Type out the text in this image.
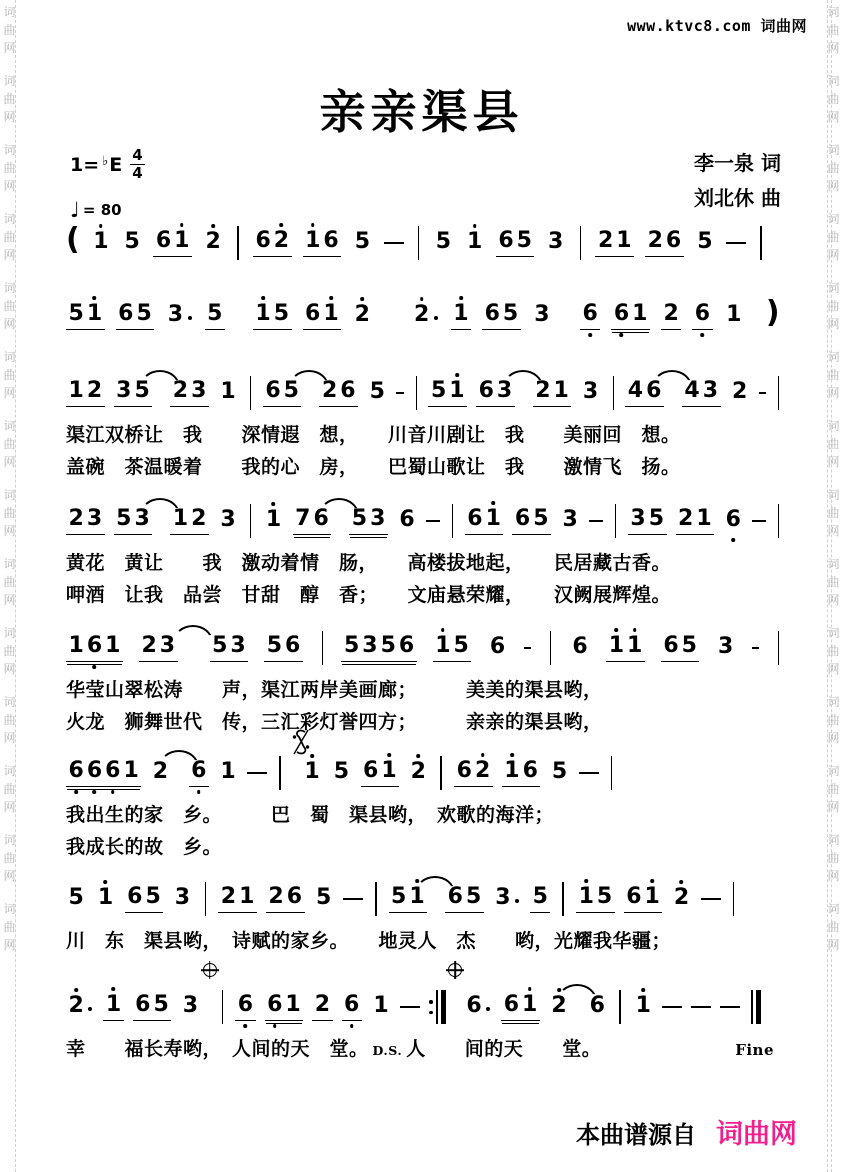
词
曲
网
词
曲
网
词
曲
网
词
曲
网
词
曲
网
词
曲
网
词
曲
网
词
曲
网
词
曲
网
词
曲
网
词
曲
网
词
曲
网
词
曲
网
词
曲
网
词
曲
网
词
曲
网
词
曲
网
词
曲
网
词
曲
网
词
曲
网
词
曲
网
词
曲
网
词
曲
网
词
曲
网
词
曲
网
词
曲
网
词
曲
网
词
曲
网
www.ktvc8.com 词曲网
亲亲渠县
1=♭ E 4
4
♩ = 80
李一泉 词
刘北休 曲
( 1 5 6 1 2 6 2 1 6 5	5 1 6 5 3 2 1 2 6 5
5 1 6 5 3 5 1 5 6 1 2 2 1 6 5 3 6 6 1 2 6 1 )
1 2 3 5 2 3 1 6 5 2 6 5 5 1 6 3 2 1 3 4 6 4 3 2
渠江双桥让　我　　深情遐　想，　　川音川剧让　我　　美丽回　想。
盖碗　茶温暖着　　我的心　房，　　巴蜀山歌让　我　　激情飞　扬。
2 3 5 3 1 2 3 1 7 6 5 3 6 6 1 6 5 3 3 5 2 1 6
黄花　黄让　　我　激动着情　肠，　　高楼拔地起，　　民居藏古香。
呷酒　让我　品尝　甘甜　醇　香；　　文庙悬荣耀，　　汉阙展辉煌。
1 6 1 2 3 5 3 5 6 5 3 5 6 1 5 6	6 1 1 6 5 3
华莹山翠松涛　　声，渠江两岸美画廊；　　　美美的渠县哟，
火龙　狮舞世代　传，三汇彩灯誉四方；　　　亲亲的渠县哟，
6 6 6 1 2 6 1	1 5 6 1 2 6 2 1 6 5
我出生的家　乡。　　　巴　蜀　渠县哟，　欢歌的海洋；
我成长的故　乡。
5 1 6 5 3 2 1 2 6 5	5 1 6 5 3 5 1 5 6 1 2
川　东　渠县哟，　诗赋的家乡。　　地灵人　杰　　哟，光耀我华疆；
2 1 6 5 3 6 6 1 2 6 1	6 6 1 2 6 1
幸　　福长寿哟，　人间的天　堂。 D.S. 人　　间的天　　堂。	Fine
本曲谱源自 词曲网
